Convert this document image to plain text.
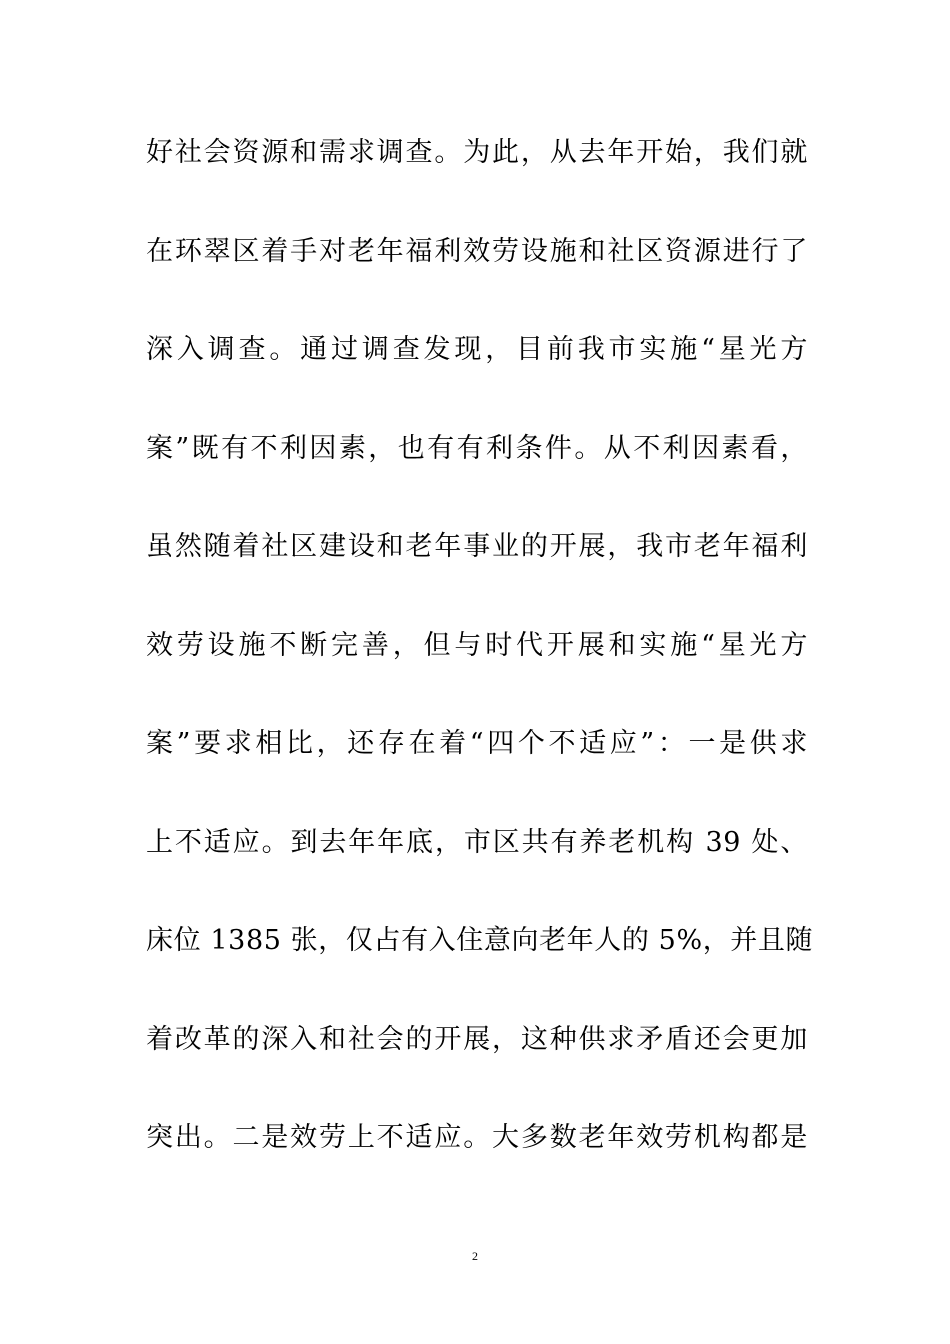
好社会资源和需求调查。为此，从去年开始，我们就
在环翠区着手对老年福利效劳设施和社区资源进行了
深入调查。通过调查发现，目前我市实施“星光方
案”既有不利因素，也有有利条件。从不利因素看，
虽然随着社区建设和老年事业的开展，我市老年福利
效劳设施不断完善，但与时代开展和实施“星光方
案”要求相比，还存在着“四个不适应”：一是供求
上不适应。到去年年底，市区共有养老机构 39 处、
床位 1385 张，仅占有入住意向老年人的 5%，并且随
着改革的深入和社会的开展，这种供求矛盾还会更加
突出。二是效劳上不适应。大多数老年效劳机构都是
2
